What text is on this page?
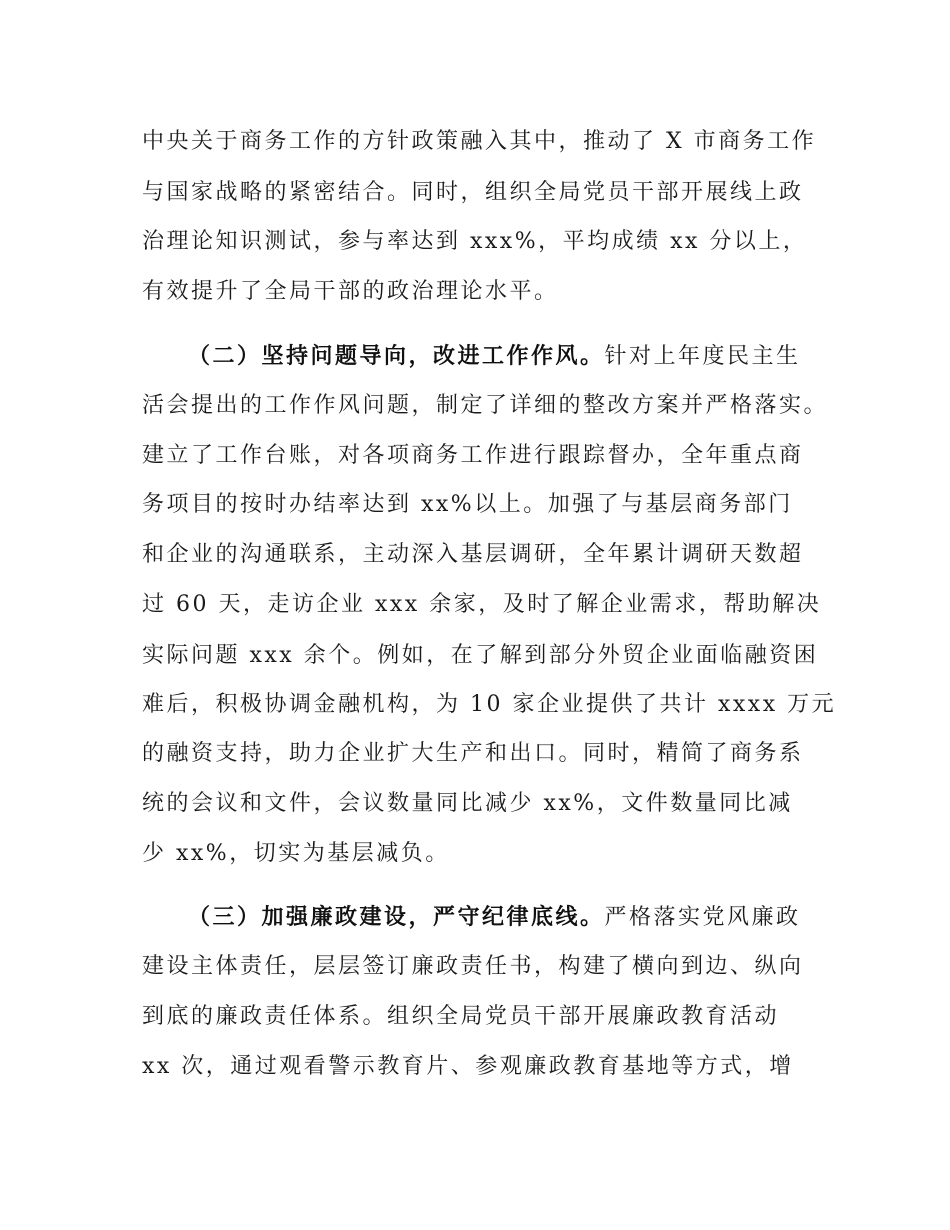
中央关于商务工作的方针政策融入其中，推动了 X 市商务工作
与国家战略的紧密结合。同时，组织全局党员干部开展线上政
治理论知识测试，参与率达到 xxx%，平均成绩 xx 分以上，
有效提升了全局干部的政治理论水平。
（二）坚持问题导向，改进工作作风。针对上年度民主生
活会提出的工作作风问题，制定了详细的整改方案并严格落实。
建立了工作台账，对各项商务工作进行跟踪督办，全年重点商
务项目的按时办结率达到 xx%以上。加强了与基层商务部门
和企业的沟通联系，主动深入基层调研，全年累计调研天数超
过 60 天，走访企业 xxx 余家，及时了解企业需求，帮助解决
实际问题 xxx 余个。例如，在了解到部分外贸企业面临融资困
难后，积极协调金融机构，为 10 家企业提供了共计 xxxx 万元
的融资支持，助力企业扩大生产和出口。同时，精简了商务系
统的会议和文件，会议数量同比减少 xx%，文件数量同比减
少 xx%，切实为基层减负。
（三）加强廉政建设，严守纪律底线。严格落实党风廉政
建设主体责任，层层签订廉政责任书，构建了横向到边、纵向
到底的廉政责任体系。组织全局党员干部开展廉政教育活动
xx 次，通过观看警示教育片、参观廉政教育基地等方式，增
